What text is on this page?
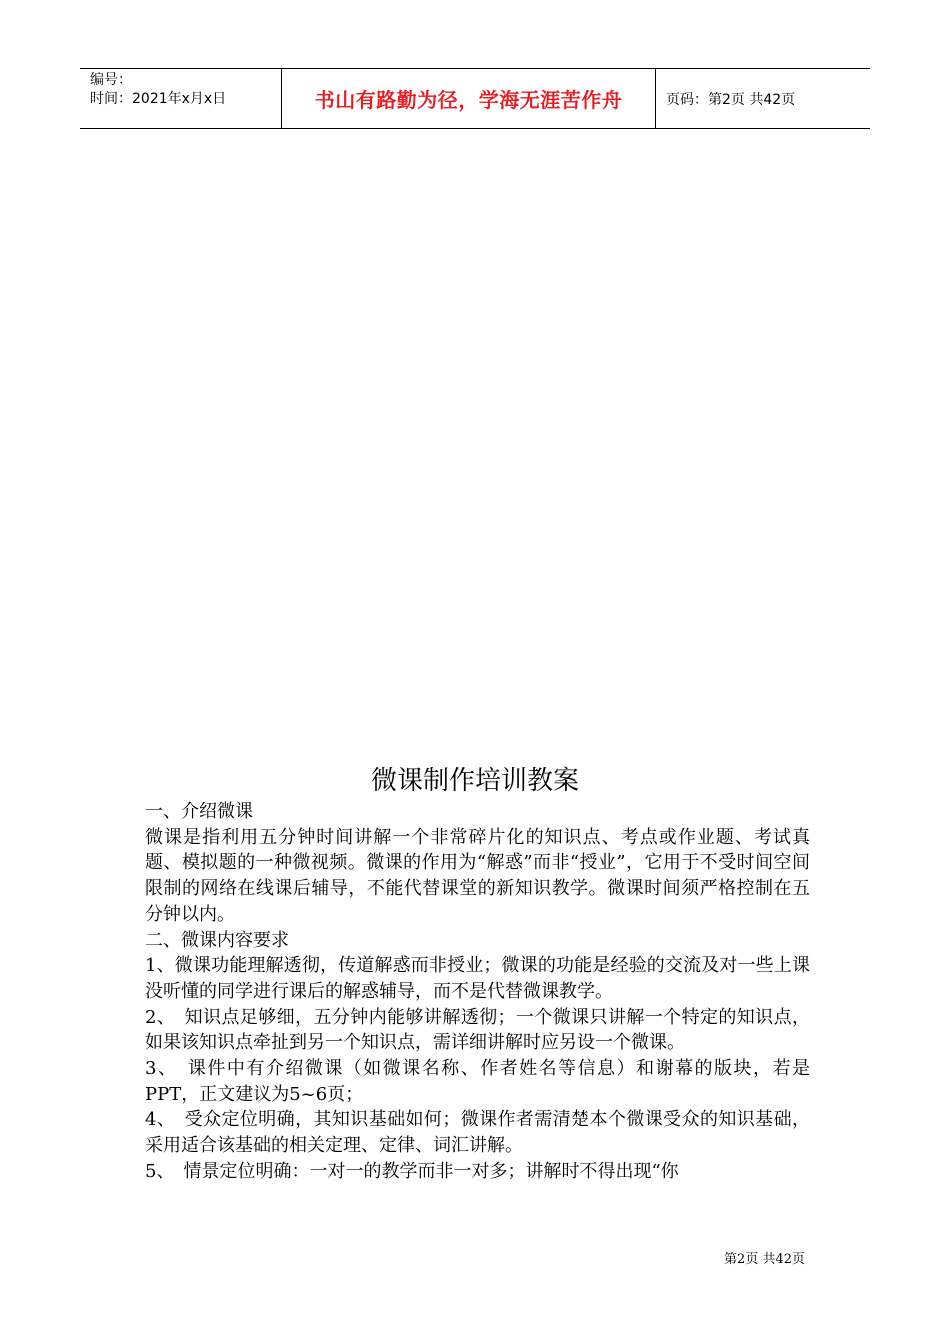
编号：
时间：2021年x月x日	书山有路勤为径，学海无涯苦作舟	页码：第2页 共42页
微课制作培训教案

一、介绍微课

微课是指利用五分钟时间讲解一个非常碎片化的知识点、考点或作业题、考试真题、模拟题的一种微视频。微课的作用为“解惑”而非“授业”，它用于不受时间空间限制的网络在线课后辅导，不能代替课堂的新知识教学。微课时间须严格控制在五分钟以内。

二、微课内容要求

1、微课功能理解透彻，传道解惑而非授业；微课的功能是经验的交流及对一些上课没听懂的同学进行课后的解惑辅导，而不是代替微课教学。

2、　知识点足够细，五分钟内能够讲解透彻；一个微课只讲解一个特定的知识点，如果该知识点牵扯到另一个知识点，需详细讲解时应另设一个微课。

3、　课件中有介绍微课（如微课名称、作者姓名等信息）和谢幕的版块，若是PPT，正文建议为5~6页；

4、　受众定位明确，其知识基础如何；微课作者需清楚本个微课受众的知识基础，采用适合该基础的相关定理、定律、词汇讲解。

5、　情景定位明确：一对一的教学而非一对多；讲解时不得出现“你

第2页 共42页
